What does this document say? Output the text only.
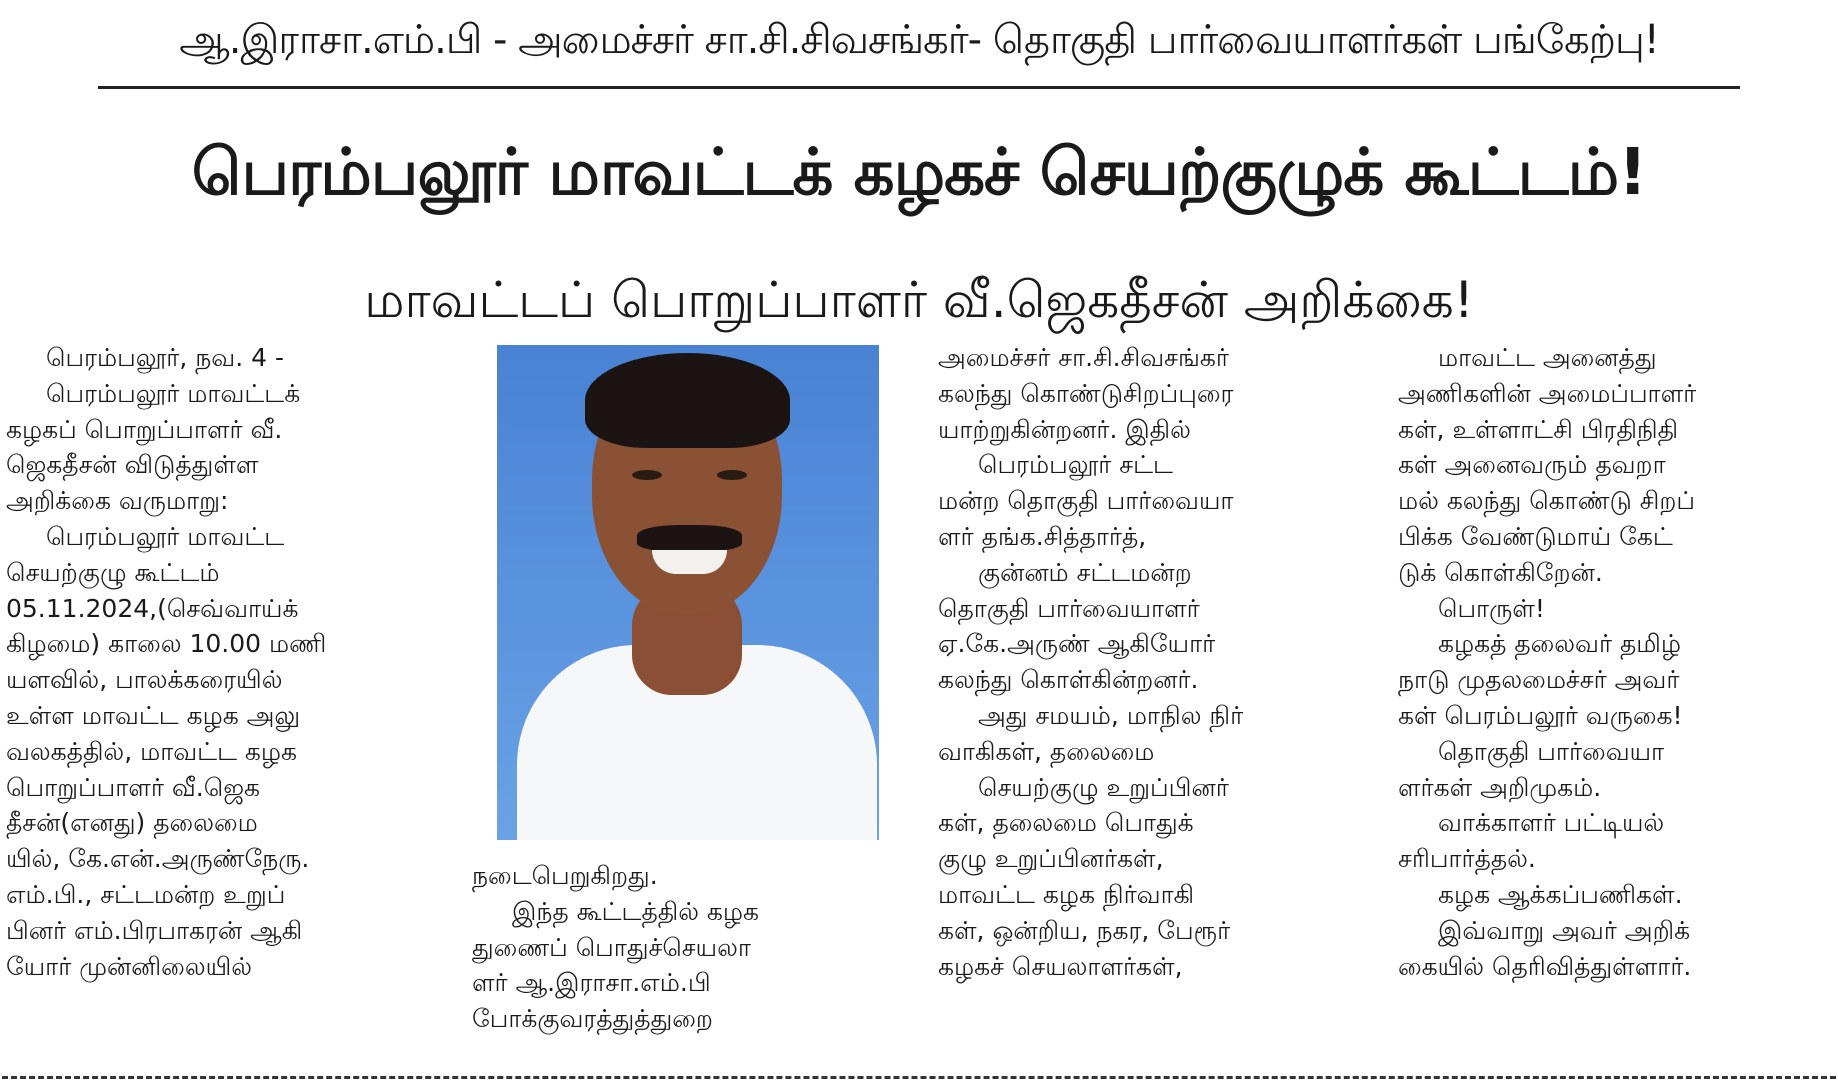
ஆ.இராசா.எம்.பி - அமைச்சர் சா.சி.சிவசங்கர்- தொகுதி பார்வையாளர்கள் பங்கேற்பு!
பெரம்பலூர் மாவட்டக் கழகச் செயற்குழுக் கூட்டம்!
மாவட்டப் பொறுப்பாளர் வீ.ஜெகதீசன் அறிக்கை!
பெரம்பலூர், நவ. 4 -
பெரம்பலூர் மாவட்டக்
கழகப் பொறுப்பாளர் வீ.
ஜெகதீசன் விடுத்துள்ள
அறிக்கை வருமாறு:
பெரம்பலூர் மாவட்ட
செயற்குழு கூட்டம்
05.11.2024,(செவ்வாய்க்
கிழமை) காலை 10.00 மணி
யளவில், பாலக்கரையில்
உள்ள மாவட்ட கழக அலு
வலகத்தில், மாவட்ட கழக
பொறுப்பாளர் வீ.ஜெக
தீசன்(எனது) தலைமை
யில், கே.என்.அருண்நேரு.
எம்.பி., சட்டமன்ற உறுப்
பினர் எம்.பிரபாகரன் ஆகி
யோர் முன்னிலையில்
நடைபெறுகிறது.
இந்த கூட்டத்தில் கழக
துணைப் பொதுச்செயலா
ளர் ஆ.இராசா.எம்.பி
போக்குவரத்துத்துறை
அமைச்சர் சா.சி.சிவசங்கர்
கலந்து கொண்டுசிறப்புரை
யாற்றுகின்றனர். இதில்
பெரம்பலூர் சட்ட
மன்ற தொகுதி பார்வையா
ளர் தங்க.சித்தார்த்,
குன்னம் சட்டமன்ற
தொகுதி பார்வையாளர்
ஏ.கே.அருண் ஆகியோர்
கலந்து கொள்கின்றனர்.
அது சமயம், மாநில நிர்
வாகிகள், தலைமை
செயற்குழு உறுப்பினர்
கள், தலைமை பொதுக்
குழு உறுப்பினர்கள்,
மாவட்ட கழக நிர்வாகி
கள், ஒன்றிய, நகர, பேரூர்
கழகச் செயலாளர்கள்,
மாவட்ட அனைத்து
அணிகளின் அமைப்பாளர்
கள், உள்ளாட்சி பிரதிநிதி
கள் அனைவரும் தவறா
மல் கலந்து கொண்டு சிறப்
பிக்க வேண்டுமாய் கேட்
டுக் கொள்கிறேன்.
பொருள்!
கழகத் தலைவர் தமிழ்
நாடு முதலமைச்சர் அவர்
கள் பெரம்பலூர் வருகை!
தொகுதி பார்வையா
ளர்கள் அறிமுகம்.
வாக்காளர் பட்டியல்
சரிபார்த்தல்.
கழக ஆக்கப்பணிகள்.
இவ்வாறு அவர் அறிக்
கையில் தெரிவித்துள்ளார்.
